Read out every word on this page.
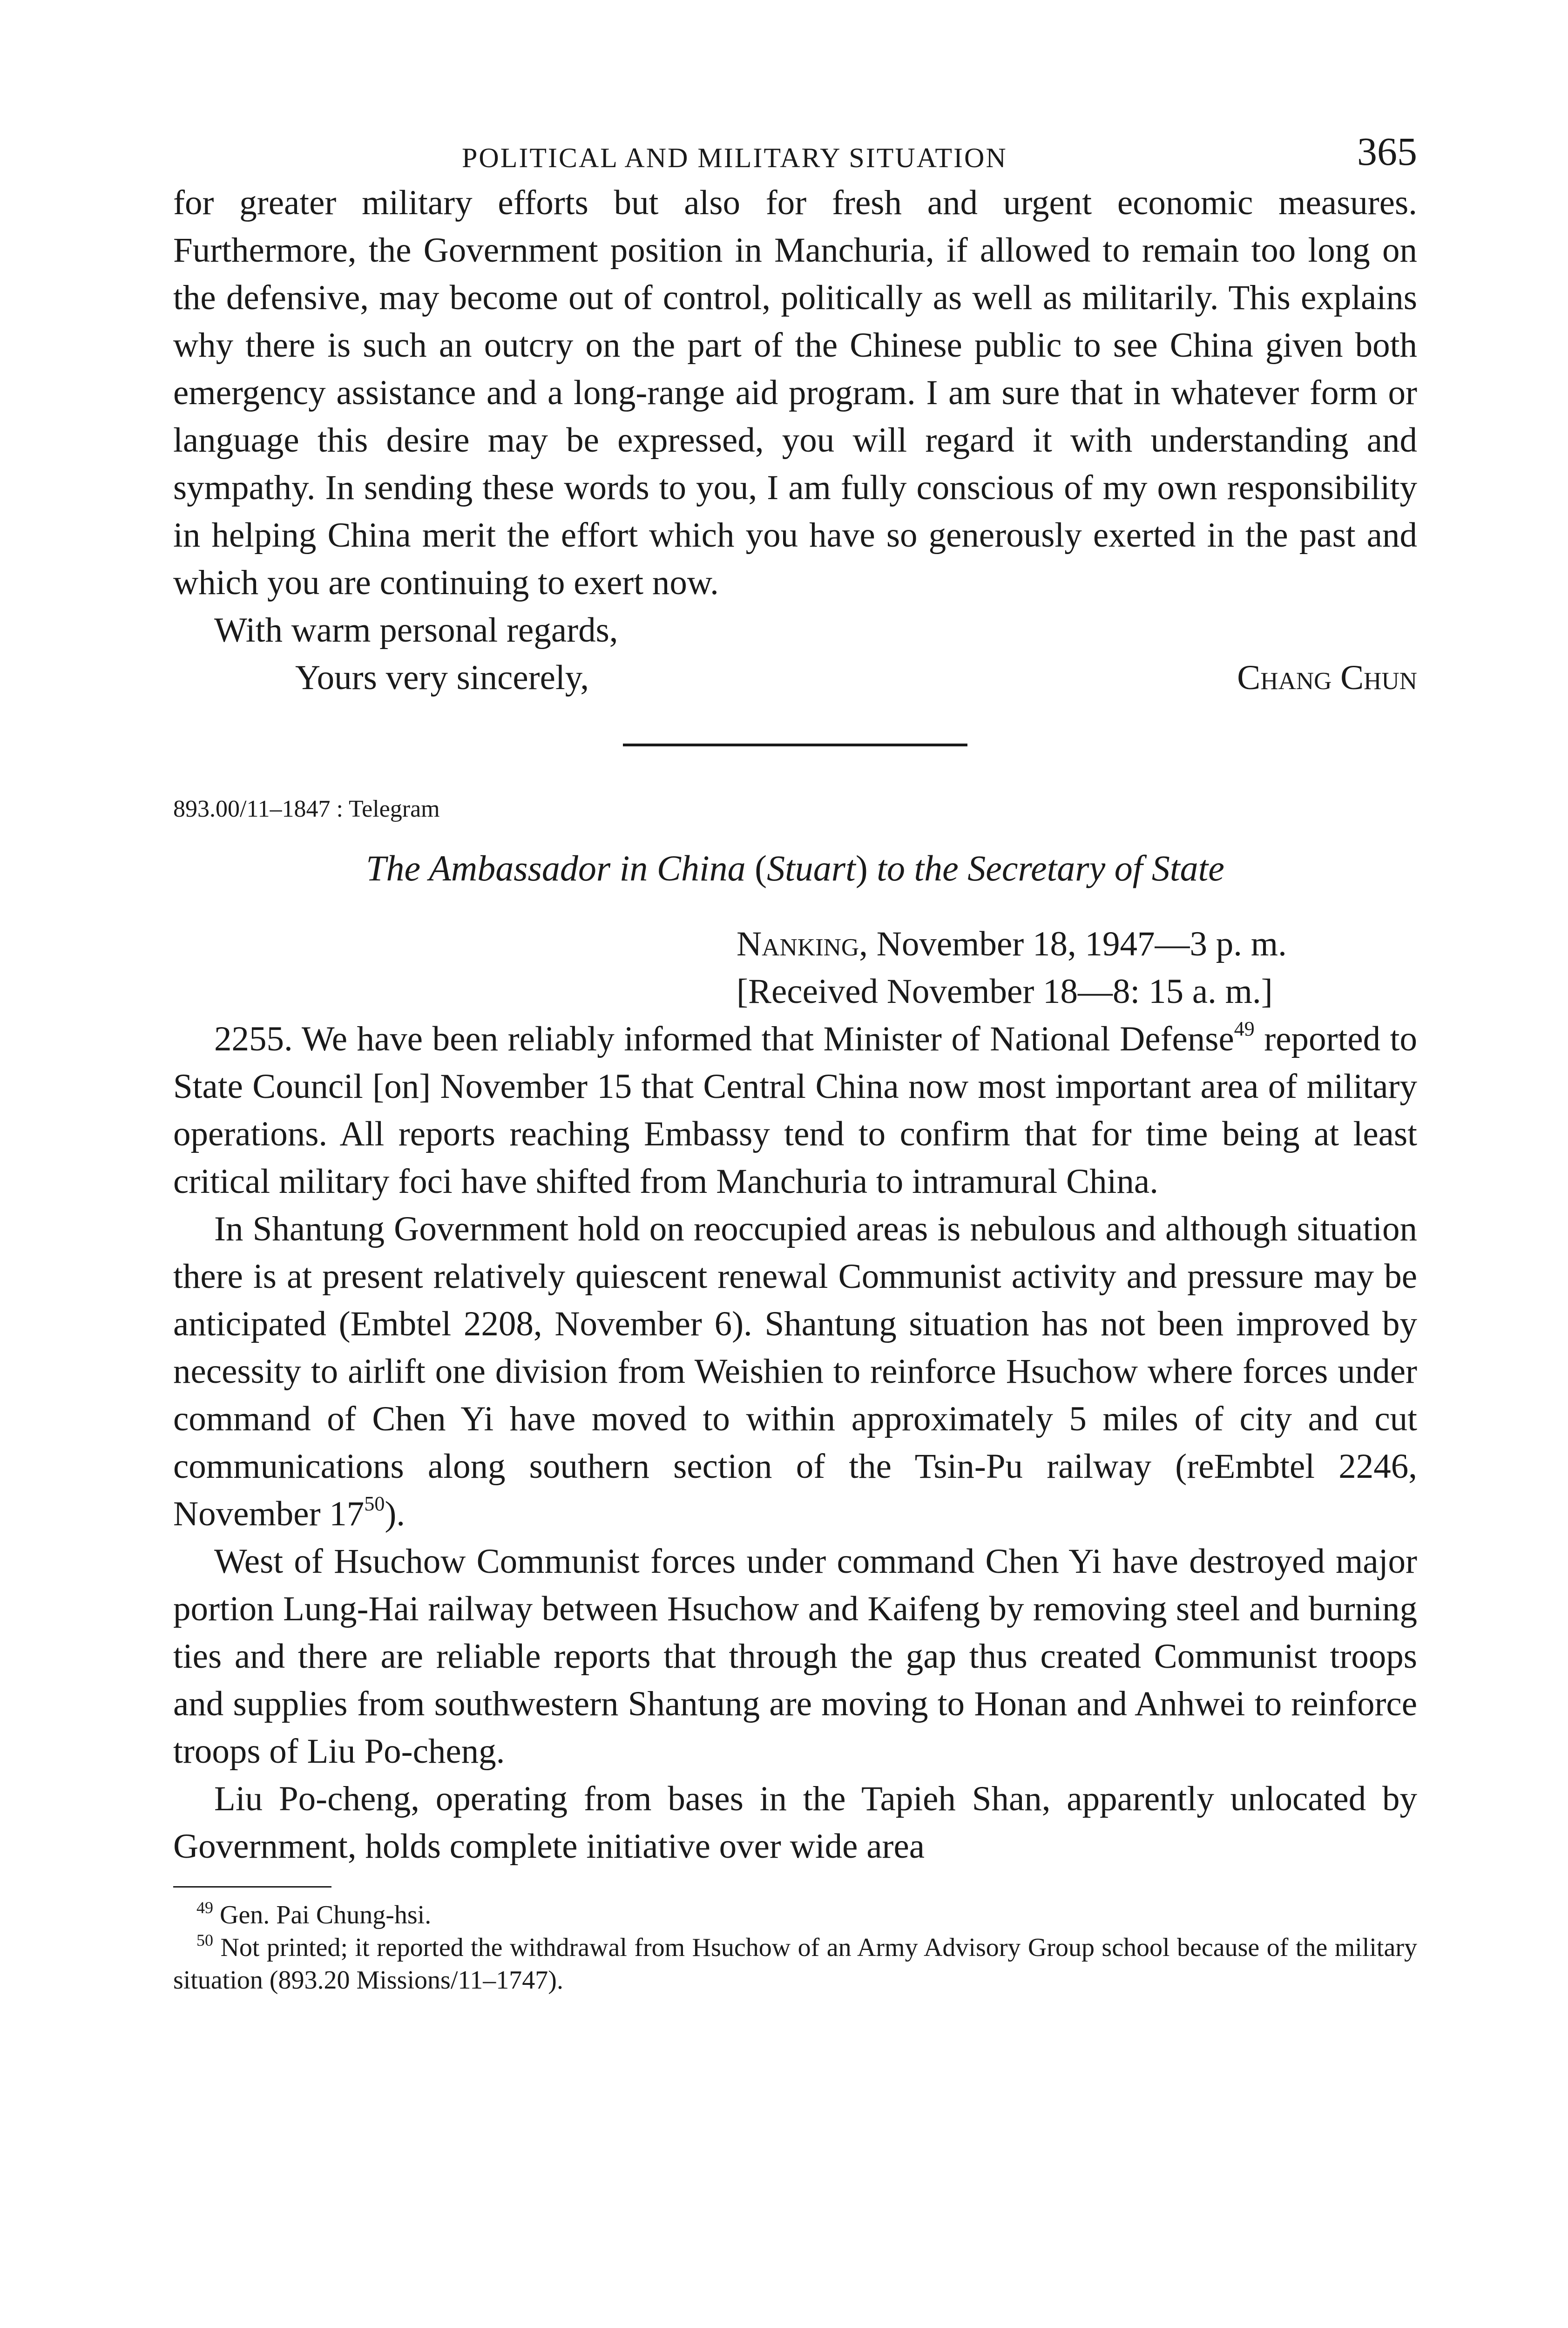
POLITICAL AND MILITARY SITUATION	365

for greater military efforts but also for fresh and urgent economic measures. Furthermore, the Government position in Manchuria, if allowed to remain too long on the defensive, may become out of control, politically as well as militarily. This explains why there is such an outcry on the part of the Chinese public to see China given both emergency assistance and a long-range aid program. I am sure that in whatever form or language this desire may be expressed, you will regard it with understanding and sympathy. In sending these words to you, I am fully conscious of my own responsibility in helping China merit the effort which you have so generously exerted in the past and which you are continuing to exert now.

With warm personal regards,
Yours very sincerely,	Chang Chun
893.00/11–1847 : Telegram
The Ambassador in China (Stuart) to the Secretary of State
Nanking, November 18, 1947—3 p. m.
[Received November 18—8: 15 a. m.]

2255. We have been reliably informed that Minister of National Defense$^{49}$ reported to State Council [on] November 15 that Central China now most important area of military operations. All reports reaching Embassy tend to confirm that for time being at least critical military foci have shifted from Manchuria to intramural China.

In Shantung Government hold on reoccupied areas is nebulous and although situation there is at present relatively quiescent renewal Communist activity and pressure may be anticipated (Embtel 2208, November 6). Shantung situation has not been improved by necessity to airlift one division from Weishien to reinforce Hsuchow where forces under command of Chen Yi have moved to within approximately 5 miles of city and cut communications along southern section of the Tsin-Pu railway (reEmbtel 2246, November $17^{50}$).

West of Hsuchow Communist forces under command Chen Yi have destroyed major portion Lung-Hai railway between Hsuchow and Kaifeng by removing steel and burning ties and there are reliable reports that through the gap thus created Communist troops and supplies from southwestern Shantung are moving to Honan and Anhwei to reinforce troops of Liu Po-cheng.

Liu Po-cheng, operating from bases in the Tapieh Shan, apparently unlocated by Government, holds complete initiative over wide area

$^{49}$ Gen. Pai Chung-hsi.
$^{50}$ Not printed; it reported the withdrawal from Hsuchow of an Army Advisory Group school because of the military situation (893.20 Missions/11–1747).
